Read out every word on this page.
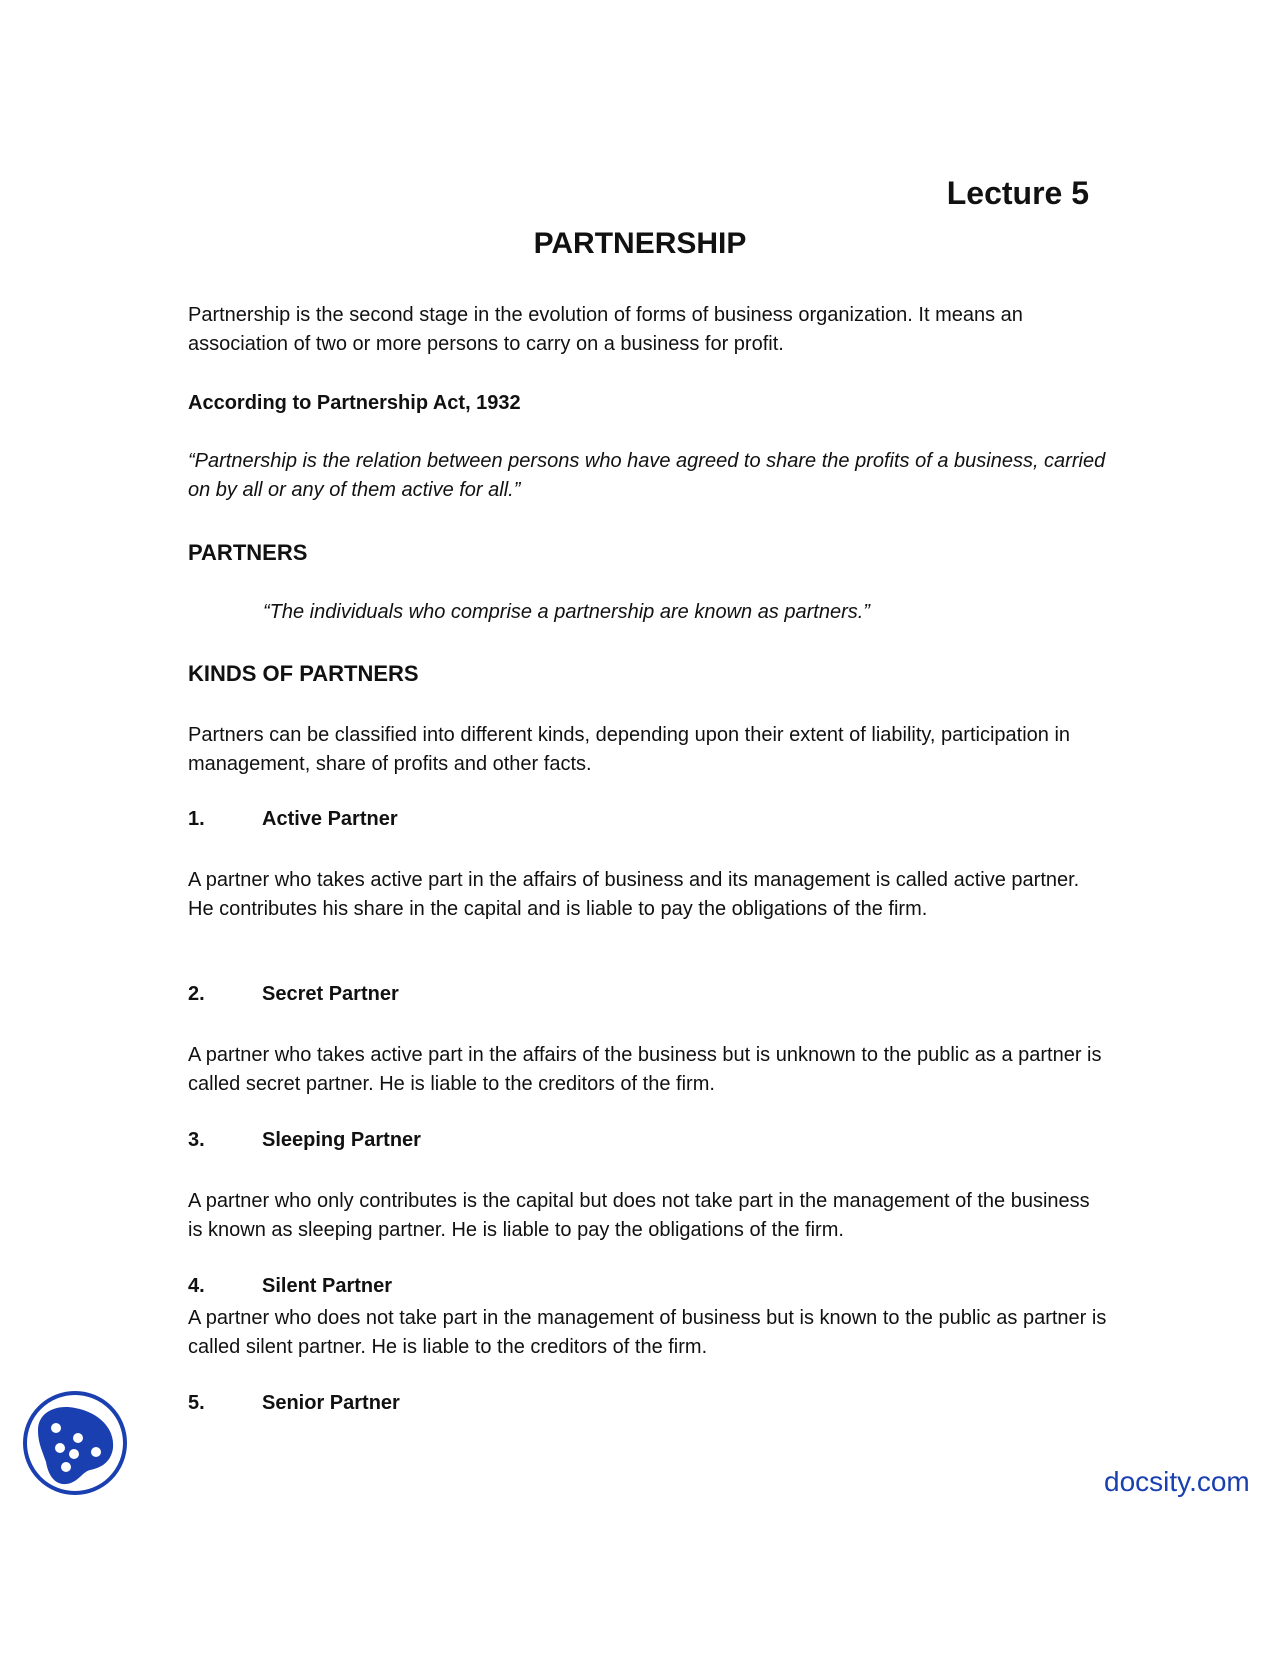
Lecture 5
PARTNERSHIP

Partnership is the second stage in the evolution of forms of business organization. It means an association of two or more persons to carry on a business for profit.

According to Partnership Act, 1932

“Partnership is the relation between persons who have agreed to share the profits of a business, carried on by all or any of them active for all.”

PARTNERS

“The individuals who comprise a partnership are known as partners.”

KINDS OF PARTNERS

Partners can be classified into different kinds, depending upon their extent of liability, participation in management, share of profits and other facts.

1.	Active Partner

A partner who takes active part in the affairs of business and its management is called active partner. He contributes his share in the capital and is liable to pay the obligations of the firm.

2.	Secret Partner

A partner who takes active part in the affairs of the business but is unknown to the public as a partner is called secret partner. He is liable to the creditors of the firm.

3.	Sleeping Partner

A partner who only contributes is the capital but does not take part in the management of the business is known as sleeping partner. He is liable to pay the obligations of the firm.

4.	Silent Partner

A partner who does not take part in the management of business but is known to the public as partner is called silent partner. He is liable to the creditors of the firm.

5.	Senior Partner
docsity.com
